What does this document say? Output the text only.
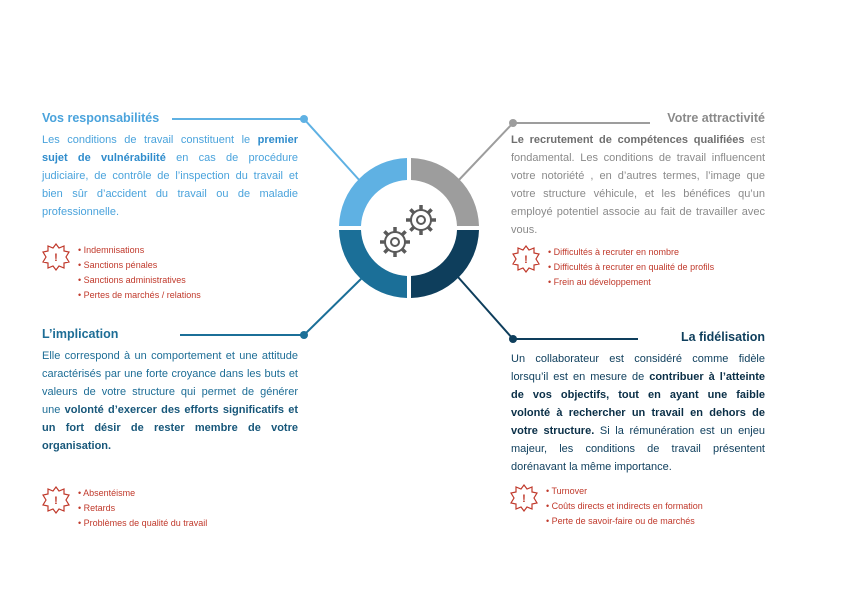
Vos responsabilités

Les conditions de travail constituent le premier sujet de vulnérabilité en cas de procédure judiciaire, de contrôle de l’inspection du travail et bien sûr d’accident du travail ou de maladie professionnelle.

Votre attractivité

Le recrutement de compétences qualifiées est fondamental. Les conditions de travail influencent votre notoriété , en d’autres termes, l’image que votre structure véhicule, et les bénéfices qu’un employé potentiel associe au fait de travailler avec vous.

L’implication

Elle correspond à un comportement et une attitude caractérisés par une forte croyance dans les buts et valeurs de votre structure qui permet de générer une volonté d’exercer des efforts significatifs et un fort désir de rester membre de votre organisation.

La fidélisation

Un collaborateur est considéré comme fidèle lorsqu’il est en mesure de contribuer à l’atteinte de vos objectifs, tout en ayant une faible volonté à rechercher un travail en dehors de votre structure. Si la rémunération est un enjeu majeur, les conditions de travail présentent dorénavant la même importance.

!
• Indemnisations
• Sanctions pénales
• Sanctions administratives
• Pertes de marchés / relations
!
• Difficultés à recruter en nombre
• Difficultés à recruter en qualité de profils
• Frein au développement
!
• Absentéisme
• Retards
• Problèmes de qualité du travail
!
• Turnover
• Coûts directs et indirects en formation
• Perte de savoir-faire ou de marchés
